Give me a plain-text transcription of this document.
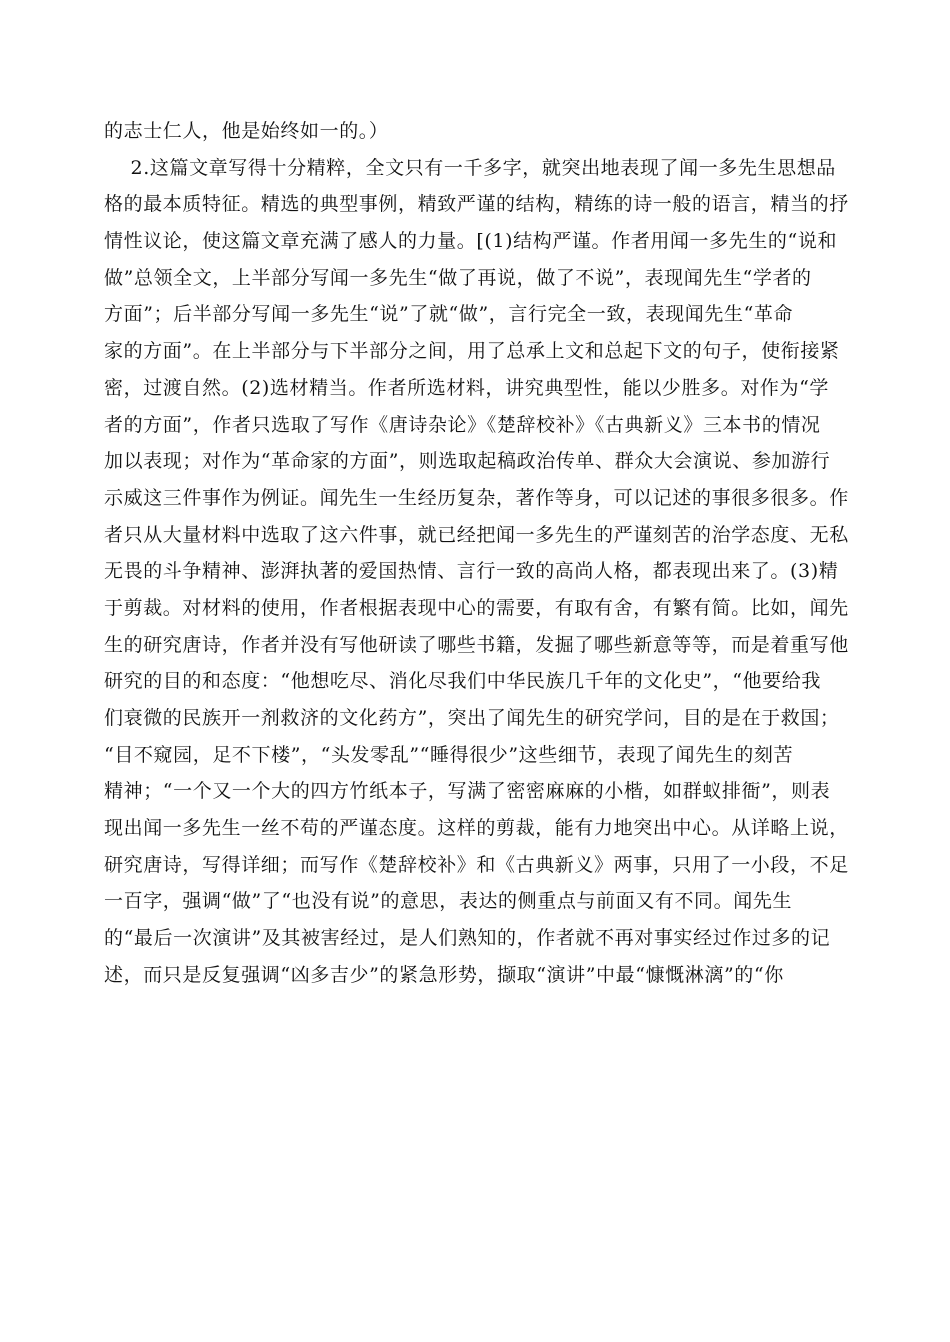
的志士仁人，他是始终如一的。）
2.这篇文章写得十分精粹，全文只有一千多字，就突出地表现了闻一多先生思想品
格的最本质特征。精选的典型事例，精致严谨的结构，精练的诗一般的语言，精当的抒
情性议论，使这篇文章充满了感人的力量。[(1)结构严谨。作者用闻一多先生的“说和
做”总领全文，上半部分写闻一多先生“做了再说，做了不说”，表现闻先生“学者的
方面”；后半部分写闻一多先生“说”了就“做”，言行完全一致，表现闻先生“革命
家的方面”。在上半部分与下半部分之间，用了总承上文和总起下文的句子，使衔接紧
密，过渡自然。(2)选材精当。作者所选材料，讲究典型性，能以少胜多。对作为“学
者的方面”，作者只选取了写作《唐诗杂论》《楚辞校补》《古典新义》三本书的情况
加以表现；对作为“革命家的方面”，则选取起稿政治传单、群众大会演说、参加游行
示威这三件事作为例证。闻先生一生经历复杂，著作等身，可以记述的事很多很多。作
者只从大量材料中选取了这六件事，就已经把闻一多先生的严谨刻苦的治学态度、无私
无畏的斗争精神、澎湃执著的爱国热情、言行一致的高尚人格，都表现出来了。(3)精
于剪裁。对材料的使用，作者根据表现中心的需要，有取有舍，有繁有简。比如，闻先
生的研究唐诗，作者并没有写他研读了哪些书籍，发掘了哪些新意等等，而是着重写他
研究的目的和态度：“他想吃尽、消化尽我们中华民族几千年的文化史”，“他要给我
们衰微的民族开一剂救济的文化药方”，突出了闻先生的研究学问，目的是在于救国；
“目不窥园，足不下楼”，“头发零乱”“睡得很少”这些细节，表现了闻先生的刻苦
精神；“一个又一个大的四方竹纸本子，写满了密密麻麻的小楷，如群蚁排衙”，则表
现出闻一多先生一丝不苟的严谨态度。这样的剪裁，能有力地突出中心。从详略上说，
研究唐诗，写得详细；而写作《楚辞校补》和《古典新义》两事，只用了一小段，不足
一百字，强调“做”了“也没有说”的意思，表达的侧重点与前面又有不同。闻先生
的“最后一次演讲”及其被害经过，是人们熟知的，作者就不再对事实经过作过多的记
述，而只是反复强调“凶多吉少”的紧急形势，撷取“演讲”中最“慷慨淋漓”的“你
